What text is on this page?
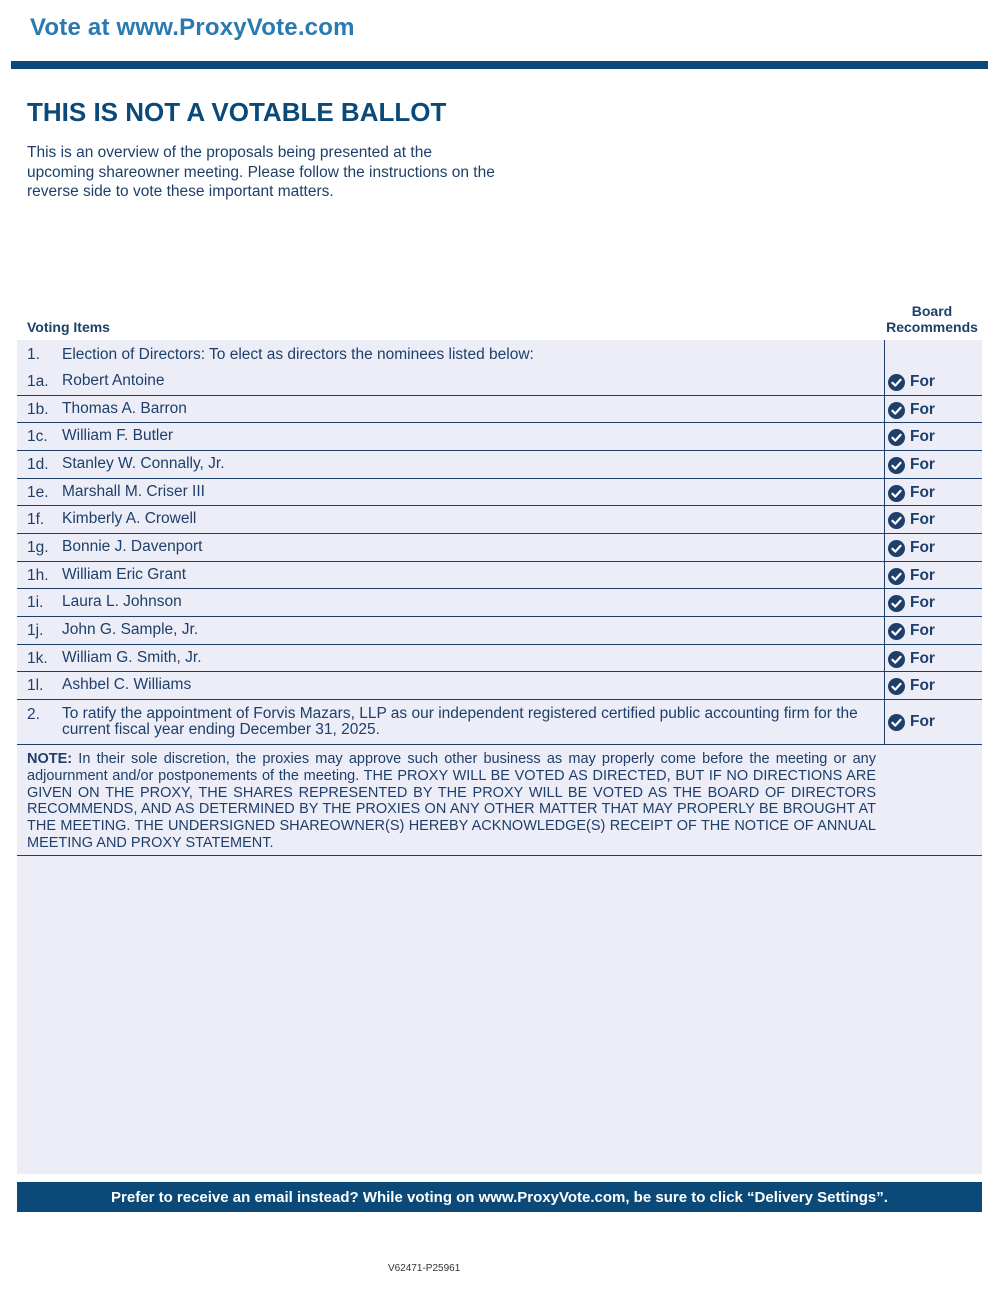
Vote at www.ProxyVote.com
THIS IS NOT A VOTABLE BALLOT
This is an overview of the proposals being presented at the upcoming shareowner meeting. Please follow the instructions on the reverse side to vote these important matters.
Voting Items
Board
Recommends
1. Election of Directors: To elect as directors the nominees listed below:
1a. Robert Antoine	For
1b. Thomas A. Barron	For
1c. William F. Butler	For
1d. Stanley W. Connally, Jr.	For
1e. Marshall M. Criser III	For
1f. Kimberly A. Crowell	For
1g. Bonnie J. Davenport	For
1h. William Eric Grant	For
1i. Laura L. Johnson	For
1j. John G. Sample, Jr.	For
1k. William G. Smith, Jr.	For
1l. Ashbel C. Williams	For
2. To ratify the appointment of Forvis Mazars, LLP as our independent registered certified public accounting firm for the current fiscal year ending December 31, 2025.	For

NOTE: In their sole discretion, the proxies may approve such other business as may properly come before the meeting or any adjournment and/or postponements of the meeting. THE PROXY WILL BE VOTED AS DIRECTED, BUT IF NO DIRECTIONS ARE GIVEN ON THE PROXY, THE SHARES REPRESENTED BY THE PROXY WILL BE VOTED AS THE BOARD OF DIRECTORS RECOMMENDS, AND AS DETERMINED BY THE PROXIES ON ANY OTHER MATTER THAT MAY PROPERLY BE BROUGHT AT THE MEETING. THE UNDERSIGNED SHAREOWNER(S) HEREBY ACKNOWLEDGE(S) RECEIPT OF THE NOTICE OF ANNUAL MEETING AND PROXY STATEMENT.

Prefer to receive an email instead? While voting on www.ProxyVote.com, be sure to click “Delivery Settings”.
V62471-P25961
